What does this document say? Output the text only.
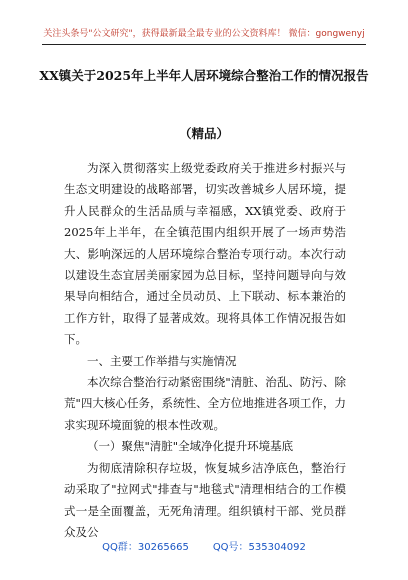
关注头条号"公文研究"，获得最新最全最专业的公文资料库！ 微信：gongwenyj
XX镇关于2025年上半年人居环境综合整治工作的情况报告
（精品）

为深入贯彻落实上级党委政府关于推进乡村振兴与生态文明建设的战略部署，切实改善城乡人居环境，提升人民群众的生活品质与幸福感，XX镇党委、政府于2025年上半年，在全镇范围内组织开展了一场声势浩大、影响深远的人居环境综合整治专项行动。本次行动以建设生态宜居美丽家园为总目标，坚持问题导向与效果导向相结合，通过全员动员、上下联动、标本兼治的工作方针，取得了显著成效。现将具体工作情况报告如下。

一、主要工作举措与实施情况

本次综合整治行动紧密围绕"清脏、治乱、防污、除荒"四大核心任务，系统性、全方位地推进各项工作，力求实现环境面貌的根本性改观。

（一）聚焦"清脏"全域净化提升环境基底

为彻底清除积存垃圾，恢复城乡洁净底色，整治行动采取了"拉网式"排查与"地毯式"清理相结合的工作模式一是全面覆盖，无死角清理。组织镇村干部、党员群众及公

QQ群：30265665 QQ号：535304092
